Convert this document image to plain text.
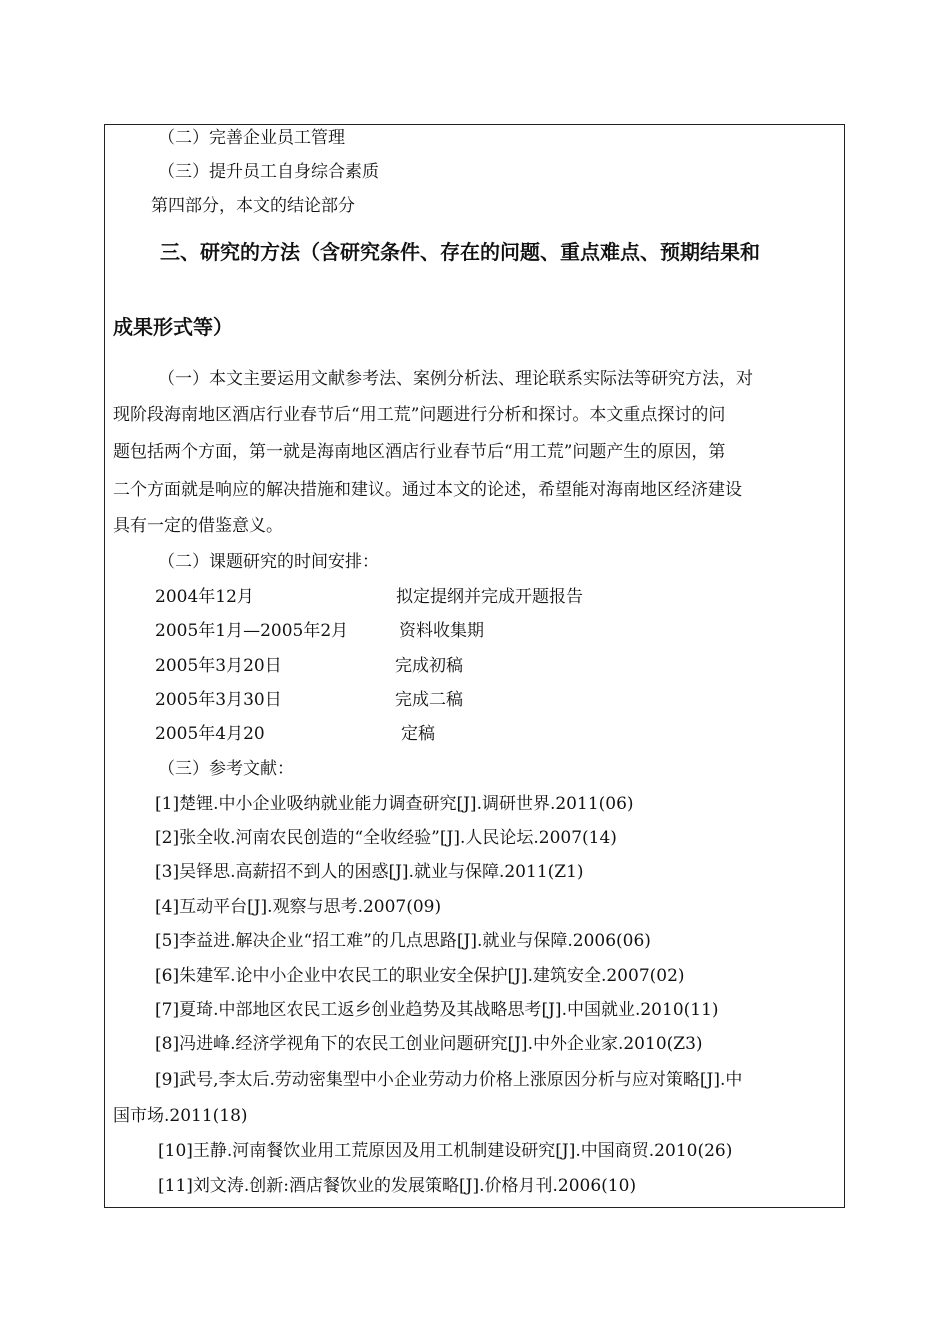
（二）完善企业员工管理
（三）提升员工自身综合素质
第四部分，本文的结论部分
三、研究的方法（含研究条件、存在的问题、重点难点、预期结果和
成果形式等）
（一）本文主要运用文献参考法、案例分析法、理论联系实际法等研究方法，对
现阶段海南地区酒店行业春节后“用工荒”问题进行分析和探讨。本文重点探讨的问
题包括两个方面，第一就是海南地区酒店行业春节后“用工荒”问题产生的原因，第
二个方面就是响应的解决措施和建议。通过本文的论述，希望能对海南地区经济建设
具有一定的借鉴意义。
（二）课题研究的时间安排：
2004年12月	拟定提纲并完成开题报告
2005年1月—2005年2月	资料收集期
2005年3月20日	完成初稿
2005年3月30日	完成二稿
2005年4月20	定稿
（三）参考文献：
[1]楚锂.中小企业吸纳就业能力调查研究[J].调研世界.2011(06)
[2]张全收.河南农民创造的“全收经验”[J].人民论坛.2007(14)
[3]吴铎思.高薪招不到人的困惑[J].就业与保障.2011(Z1)
[4]互动平台[J].观察与思考.2007(09)
[5]李益进.解决企业“招工难”的几点思路[J].就业与保障.2006(06)
[6]朱建军.论中小企业中农民工的职业安全保护[J].建筑安全.2007(02)
[7]夏琦.中部地区农民工返乡创业趋势及其战略思考[J].中国就业.2010(11)
[8]冯进峰.经济学视角下的农民工创业问题研究[J].中外企业家.2010(Z3)
[9]武号,李太后.劳动密集型中小企业劳动力价格上涨原因分析与应对策略[J].中
国市场.2011(18)
[10]王静.河南餐饮业用工荒原因及用工机制建设研究[J].中国商贸.2010(26)
[11]刘文涛.创新:酒店餐饮业的发展策略[J].价格月刊.2006(10)
